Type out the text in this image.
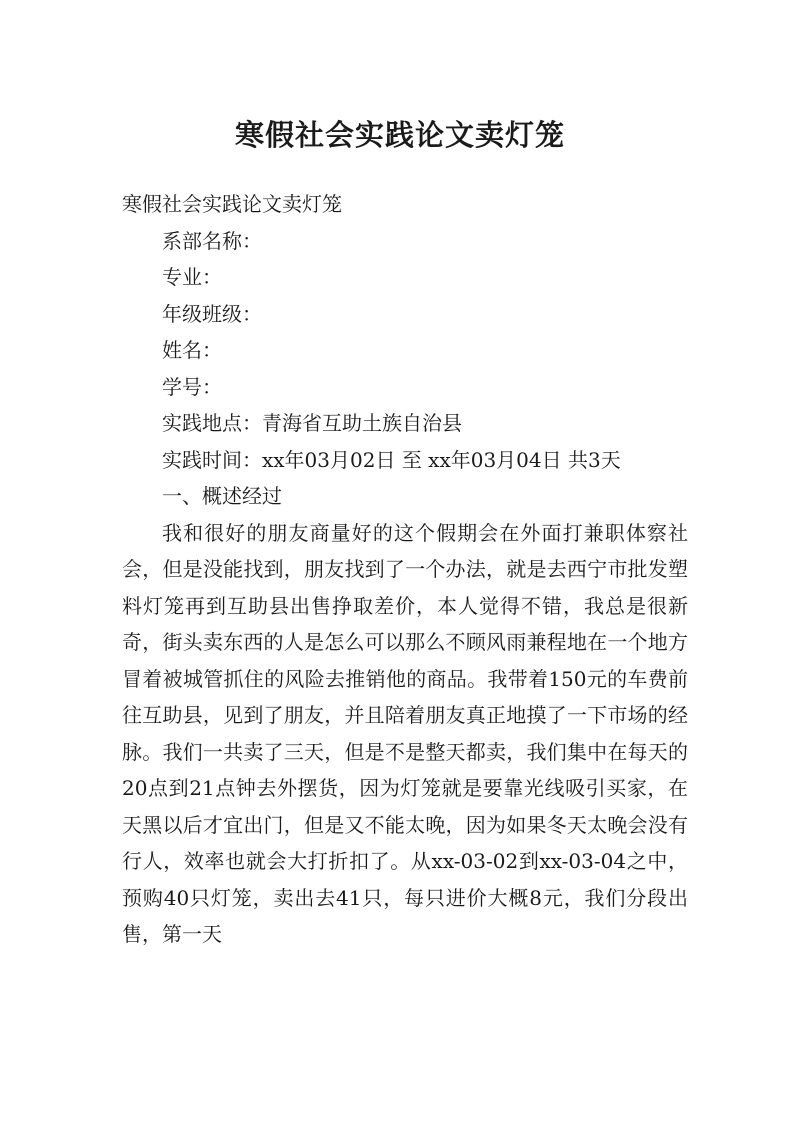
寒假社会实践论文卖灯笼

寒假社会实践论文卖灯笼

系部名称：

专业：

年级班级：

姓名：

学号：

实践地点：青海省互助土族自治县

实践时间：xx年03月02日 至 xx年03月04日 共3天

一、概述经过

我和很好的朋友商量好的这个假期会在外面打兼职体察社会，但是没能找到，朋友找到了一个办法，就是去西宁市批发塑料灯笼再到互助县出售挣取差价，本人觉得不错，我总是很新奇，街头卖东西的人是怎么可以那么不顾风雨兼程地在一个地方冒着被城管抓住的风险去推销他的商品。我带着150元的车费前往互助县，见到了朋友，并且陪着朋友真正地摸了一下市场的经脉。我们一共卖了三天，但是不是整天都卖，我们集中在每天的20点到21点钟去外摆货，因为灯笼就是要靠光线吸引买家，在天黑以后才宜出门，但是又不能太晚，因为如果冬天太晚会没有行人，效率也就会大打折扣了。从xx-03-02到xx-03-04之中，预购40只灯笼，卖出去41只，每只进价大概8元，我们分段出售，第一天
